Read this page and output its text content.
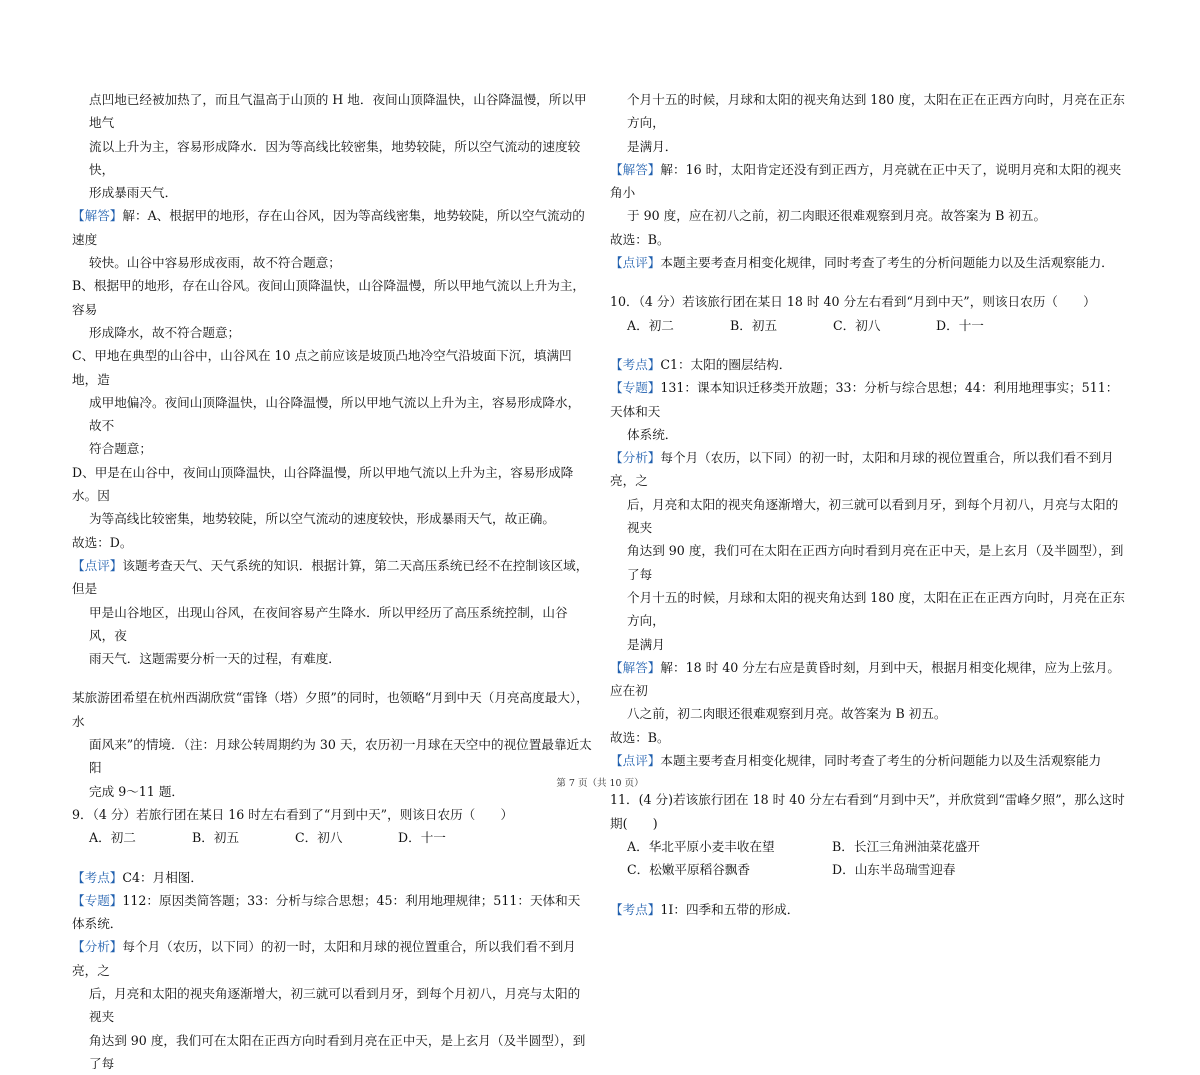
点凹地已经被加热了，而且气温高于山顶的 H 地．夜间山顶降温快，山谷降温慢，所以甲地气

流以上升为主，容易形成降水．因为等高线比较密集，地势较陡，所以空气流动的速度较快，

形成暴雨天气．

【解答】解：A、根据甲的地形，存在山谷风，因为等高线密集，地势较陡，所以空气流动的速度

较快。山谷中容易形成夜雨，故不符合题意；

B、根据甲的地形，存在山谷风。夜间山顶降温快，山谷降温慢，所以甲地气流以上升为主，容易

形成降水，故不符合题意；

C、甲地在典型的山谷中，山谷风在 10 点之前应该是坡顶凸地冷空气沿坡面下沉，填满凹地，造

成甲地偏冷。夜间山顶降温快，山谷降温慢，所以甲地气流以上升为主，容易形成降水，故不

符合题意；

D、甲是在山谷中，夜间山顶降温快，山谷降温慢，所以甲地气流以上升为主，容易形成降水。因

为等高线比较密集，地势较陡，所以空气流动的速度较快，形成暴雨天气，故正确。

故选：D。

【点评】该题考查天气、天气系统的知识．根据计算，第二天高压系统已经不在控制该区域，但是

甲是山谷地区，出现山谷风，在夜间容易产生降水．所以甲经历了高压系统控制，山谷风，夜

雨天气．这题需要分析一天的过程，有难度．

某旅游团希望在杭州西湖欣赏“雷锋（塔）夕照”的同时，也领略“月到中天（月亮高度最大），水

面风来”的情境．（注：月球公转周期约为 30 天，农历初一月球在天空中的视位置最靠近太阳

完成 9～11 题．

9．（4 分）若旅行团在某日 16 时左右看到了“月到中天”，则该日农历（　　）

A．初二	B．初五	C．初八	D．十一

【考点】C4：月相图．

【专题】112：原因类简答题；33：分析与综合思想；45：利用地理规律；511：天体和天体系统．

【分析】每个月（农历，以下同）的初一时，太阳和月球的视位置重合，所以我们看不到月亮，之

后，月亮和太阳的视夹角逐渐增大，初三就可以看到月牙，到每个月初八，月亮与太阳的视夹

角达到 90 度，我们可在太阳在正西方向时看到月亮在正中天，是上玄月（及半圆型），到了每

个月十五的时候，月球和太阳的视夹角达到 180 度，太阳在正在正西方向时，月亮在正东方向，

是满月．

【解答】解：16 时，太阳肯定还没有到正西方，月亮就在正中天了，说明月亮和太阳的视夹角小

于 90 度，应在初八之前，初二肉眼还很难观察到月亮。故答案为 B 初五。

故选：B。

【点评】本题主要考查月相变化规律，同时考查了考生的分析问题能力以及生活观察能力．

10．（4 分）若该旅行团在某日 18 时 40 分左右看到“月到中天”，则该日农历（　　）

A．初二	B．初五	C．初八	D．十一

【考点】C1：太阳的圈层结构．

【专题】131：课本知识迁移类开放题；33：分析与综合思想；44：利用地理事实；511：天体和天

体系统．

【分析】每个月（农历，以下同）的初一时，太阳和月球的视位置重合，所以我们看不到月亮，之

后，月亮和太阳的视夹角逐渐增大，初三就可以看到月牙，到每个月初八，月亮与太阳的视夹

角达到 90 度，我们可在太阳在正西方向时看到月亮在正中天，是上玄月（及半圆型），到了每

个月十五的时候，月球和太阳的视夹角达到 180 度，太阳在正在正西方向时，月亮在正东方向，

是满月

【解答】解：18 时 40 分左右应是黄昏时刻，月到中天，根据月相变化规律，应为上弦月。应在初

八之前，初二肉眼还很难观察到月亮。故答案为 B 初五。

故选：B。

【点评】本题主要考查月相变化规律，同时考查了考生的分析问题能力以及生活观察能力

11．(4 分)若该旅行团在 18 时 40 分左右看到“月到中天”，并欣赏到“雷峰夕照”，那么这时期(　　)

A．华北平原小麦丰收在望	B．长江三角洲油菜花盛开
C．松嫩平原稻谷飘香	D．山东半岛瑞雪迎春

【考点】1I：四季和五带的形成．

第 7 页（共 10 页）
